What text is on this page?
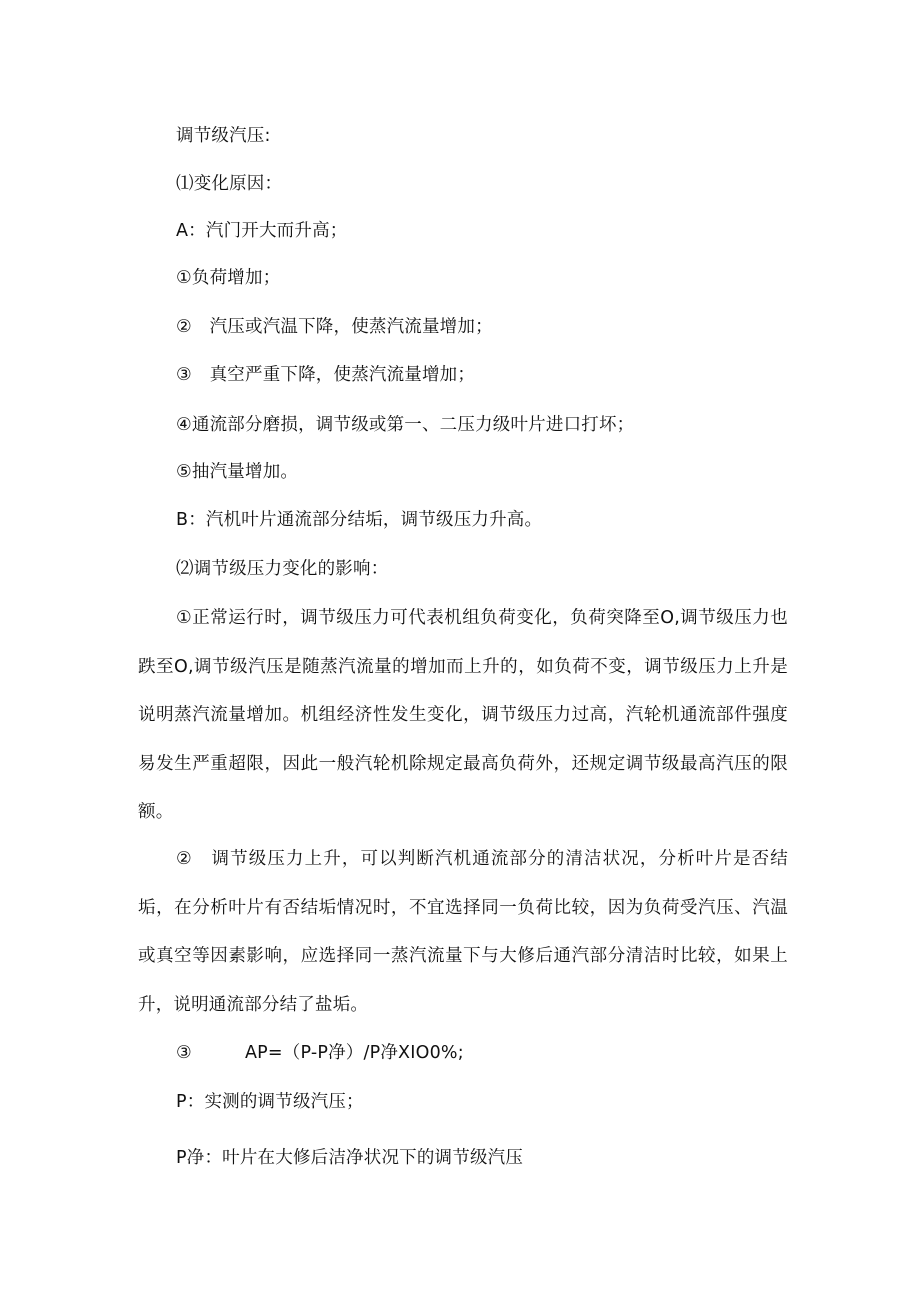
调节级汽压:
⑴变化原因：
A：汽门开大而升高；
①负荷增加；
②　汽压或汽温下降，使蒸汽流量增加；
③　真空严重下降，使蒸汽流量增加；
④通流部分磨损，调节级或第一、二压力级叶片进口打坏；
⑤抽汽量增加。
B：汽机叶片通流部分结垢，调节级压力升高。
⑵调节级压力变化的影响：
①正常运行时，调节级压力可代表机组负荷变化，负荷突降至O,调节级压力也跌至O,调节级汽压是随蒸汽流量的增加而上升的，如负荷不变，调节级压力上升是说明蒸汽流量增加。机组经济性发生变化，调节级压力过高，汽轮机通流部件强度易发生严重超限，因此一般汽轮机除规定最高负荷外，还规定调节级最高汽压的限额。
②　调节级压力上升，可以判断汽机通流部分的清洁状况，分析叶片是否结垢，在分析叶片有否结垢情况时，不宜选择同一负荷比较，因为负荷受汽压、汽温或真空等因素影响，应选择同一蒸汽流量下与大修后通汽部分清洁时比较，如果上升，说明通流部分结了盐垢。
③　　　AP=（P-P净）/P净XIO0%;
P：实测的调节级汽压；
P净：叶片在大修后洁净状况下的调节级汽压
